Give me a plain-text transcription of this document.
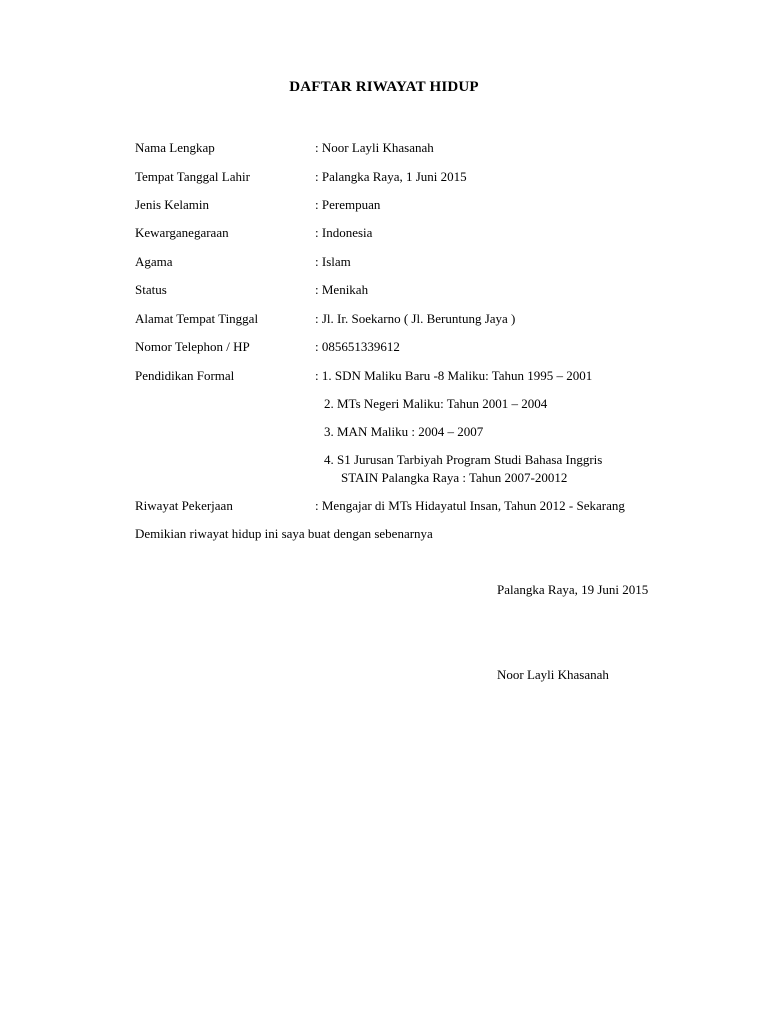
DAFTAR RIWAYAT HIDUP
Nama Lengkap	: Noor Layli Khasanah
Tempat Tanggal Lahir	: Palangka Raya, 1 Juni 2015
Jenis Kelamin	: Perempuan
Kewarganegaraan	: Indonesia
Agama	: Islam
Status	: Menikah
Alamat Tempat Tinggal	: Jl. Ir. Soekarno ( Jl. Beruntung Jaya )
Nomor Telephon / HP	: 085651339612
Pendidikan Formal	: 1. SDN Maliku Baru -8 Maliku: Tahun 1995 – 2001
2. MTs Negeri Maliku: Tahun 2001 – 2004
3. MAN Maliku : 2004 – 2007
4. S1 Jurusan Tarbiyah Program Studi Bahasa Inggris
STAIN Palangka Raya : Tahun 2007-20012
Riwayat Pekerjaan	: Mengajar di MTs Hidayatul Insan, Tahun 2012 - Sekarang
Demikian riwayat hidup ini saya buat dengan sebenarnya
Palangka Raya, 19 Juni 2015
Noor Layli Khasanah
